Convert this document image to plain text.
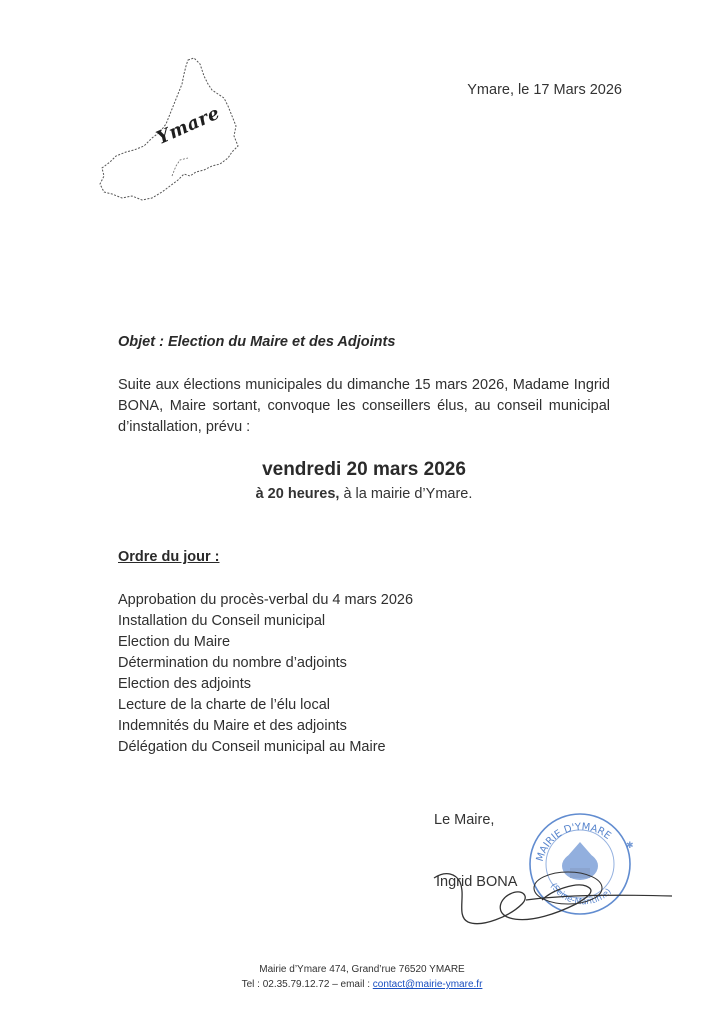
Ymare
Ymare, le 17 Mars 2026
Objet : Election du Maire et des Adjoints
Suite aux élections municipales du dimanche 15 mars 2026, Madame Ingrid BONA, Maire sortant, convoque les conseillers élus, au conseil municipal d’installation, prévu :
vendredi 20 mars 2026
à 20 heures, à la mairie d’Ymare.
Ordre du jour :
Approbation du procès-verbal du 4 mars 2026
Installation du Conseil municipal
Election du Maire
Détermination du nombre d’adjoints
Election des adjoints
Lecture de la charte de l’élu local
Indemnités du Maire et des adjoints
Délégation du Conseil municipal au Maire
Le Maire,
MAIRIE D'YMARE
(Seine-Maritime)
✱
Ingrid BONA
Mairie d’Ymare 474, Grand’rue 76520 YMARE
Tel : 02.35.79.12.72 – email : contact@mairie-ymare.fr
